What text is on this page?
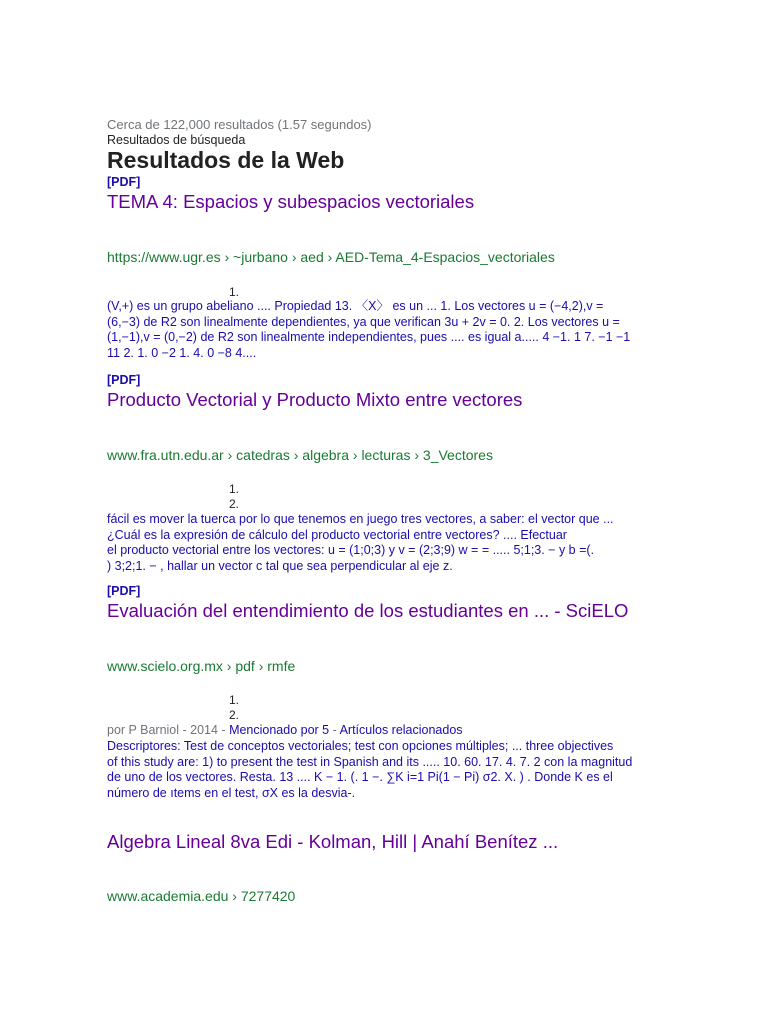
Cerca de 122,000 resultados (1.57 segundos)
Resultados de búsqueda
Resultados de la Web
[PDF]
TEMA 4: Espacios y subespacios vectoriales
https://www.ugr.es › ~jurbano › aed › AED-Tema_4-Espacios_vectoriales
1.
(V,+) es un grupo abeliano .... Propiedad 13. 〈X〉 es un ... 1. Los vectores u = (−4,2),v =
(6,−3) de R2 son linealmente dependientes, ya que verifican 3u + 2v = 0. 2. Los vectores u =
(1,−1),v = (0,−2) de R2 son linealmente independientes, pues .... es igual a..... 4 −1. 1 7. −1 −1
11 2. 1. 0 −2 1. 4. 0 −8 4....
[PDF]
Producto Vectorial y Producto Mixto entre vectores
www.fra.utn.edu.ar › catedras › algebra › lecturas › 3_Vectores
1.
2.
fácil es mover la tuerca por lo que tenemos en juego tres vectores, a saber: el vector que ...
¿Cuál es la expresión de cálculo del producto vectorial entre vectores? .... Efectuar
el producto vectorial entre los vectores: u = (1;0;3) y v = (2;3;9) w = = ..... 5;1;3. − y b =(.
) 3;2;1. − , hallar un vector c tal que sea perpendicular al eje z.
[PDF]
Evaluación del entendimiento de los estudiantes en ... - SciELO
www.scielo.org.mx › pdf › rmfe
1.
2.
por P Barniol - 2014 - Mencionado por 5 - Artículos relacionados
Descriptores: Test de conceptos vectoriales; test con opciones múltiples; ... three objectives
of this study are: 1) to present the test in Spanish and its ..... 10. 60. 17. 4. 7. 2 con la magnitud
de uno de los vectores. Resta. 13 .... K − 1. (. 1 −. ∑K i=1 Pi(1 − Pi) σ2. X. ) . Donde K es el
número de ıtems en el test, σX es la desvia-.
Algebra Lineal 8va Edi - Kolman, Hill | Anahí Benítez ...
www.academia.edu › 7277420
